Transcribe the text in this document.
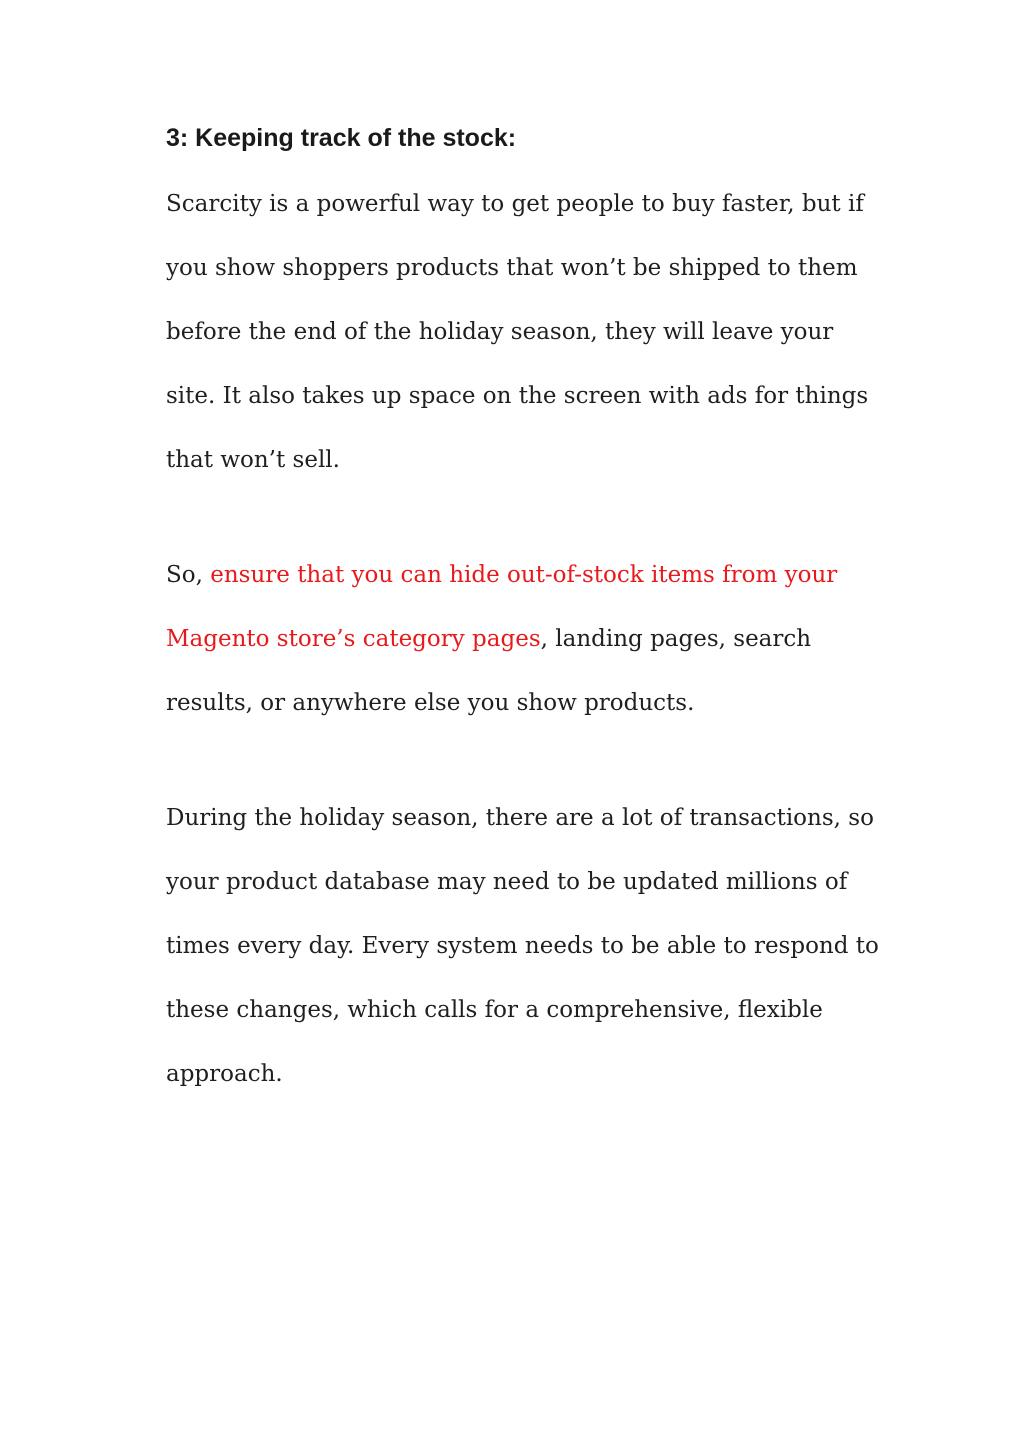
3: Keeping track of the stock:

Scarcity is a powerful way to get people to buy faster, but if
you show shoppers products that won’t be shipped to them
before the end of the holiday season, they will leave your
site. It also takes up space on the screen with ads for things
that won’t sell.

So, ensure that you can hide out-of-stock items from your
Magento store’s category pages, landing pages, search
results, or anywhere else you show products.

During the holiday season, there are a lot of transactions, so
your product database may need to be updated millions of
times every day. Every system needs to be able to respond to
these changes, which calls for a comprehensive, flexible
approach.
